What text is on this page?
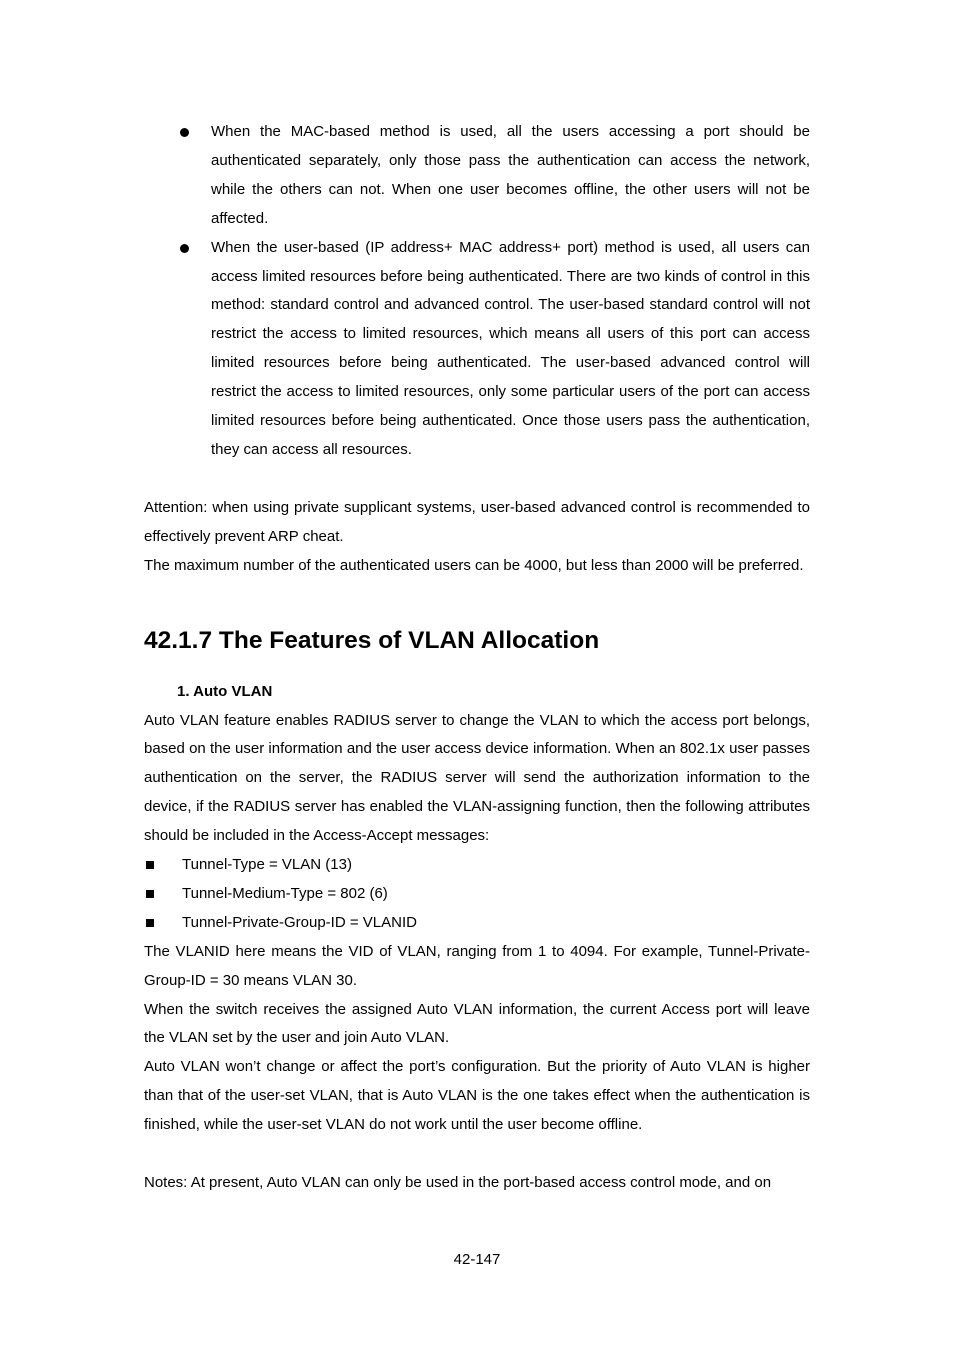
When the MAC-based method is used, all the users accessing a port should be authenticated separately, only those pass the authentication can access the network, while the others can not. When one user becomes offline, the other users will not be affected.
When the user-based (IP address+ MAC address+ port) method is used, all users can access limited resources before being authenticated. There are two kinds of control in this method: standard control and advanced control. The user-based standard control will not restrict the access to limited resources, which means all users of this port can access limited resources before being authenticated. The user-based advanced control will restrict the access to limited resources, only some particular users of the port can access limited resources before being authenticated. Once those users pass the authentication, they can access all resources.

Attention: when using private supplicant systems, user-based advanced control is recommended to effectively prevent ARP cheat.

The maximum number of the authenticated users can be 4000, but less than 2000 will be preferred.

42.1.7 The Features of VLAN Allocation
1. Auto VLAN

Auto VLAN feature enables RADIUS server to change the VLAN to which the access port belongs, based on the user information and the user access device information. When an 802.1x user passes authentication on the server, the RADIUS server will send the authorization information to the device, if the RADIUS server has enabled the VLAN-assigning function, then the following attributes should be included in the Access-Accept messages:

Tunnel-Type = VLAN (13)
Tunnel-Medium-Type = 802 (6)
Tunnel-Private-Group-ID = VLANID

The VLANID here means the VID of VLAN, ranging from 1 to 4094. For example, Tunnel-Private-Group-ID = 30 means VLAN 30.

When the switch receives the assigned Auto VLAN information, the current Access port will leave the VLAN set by the user and join Auto VLAN.

Auto VLAN won’t change or affect the port’s configuration. But the priority of Auto VLAN is higher than that of the user-set VLAN, that is Auto VLAN is the one takes effect when the authentication is finished, while the user-set VLAN do not work until the user become offline.

Notes: At present, Auto VLAN can only be used in the port-based access control mode, and on

42-147
